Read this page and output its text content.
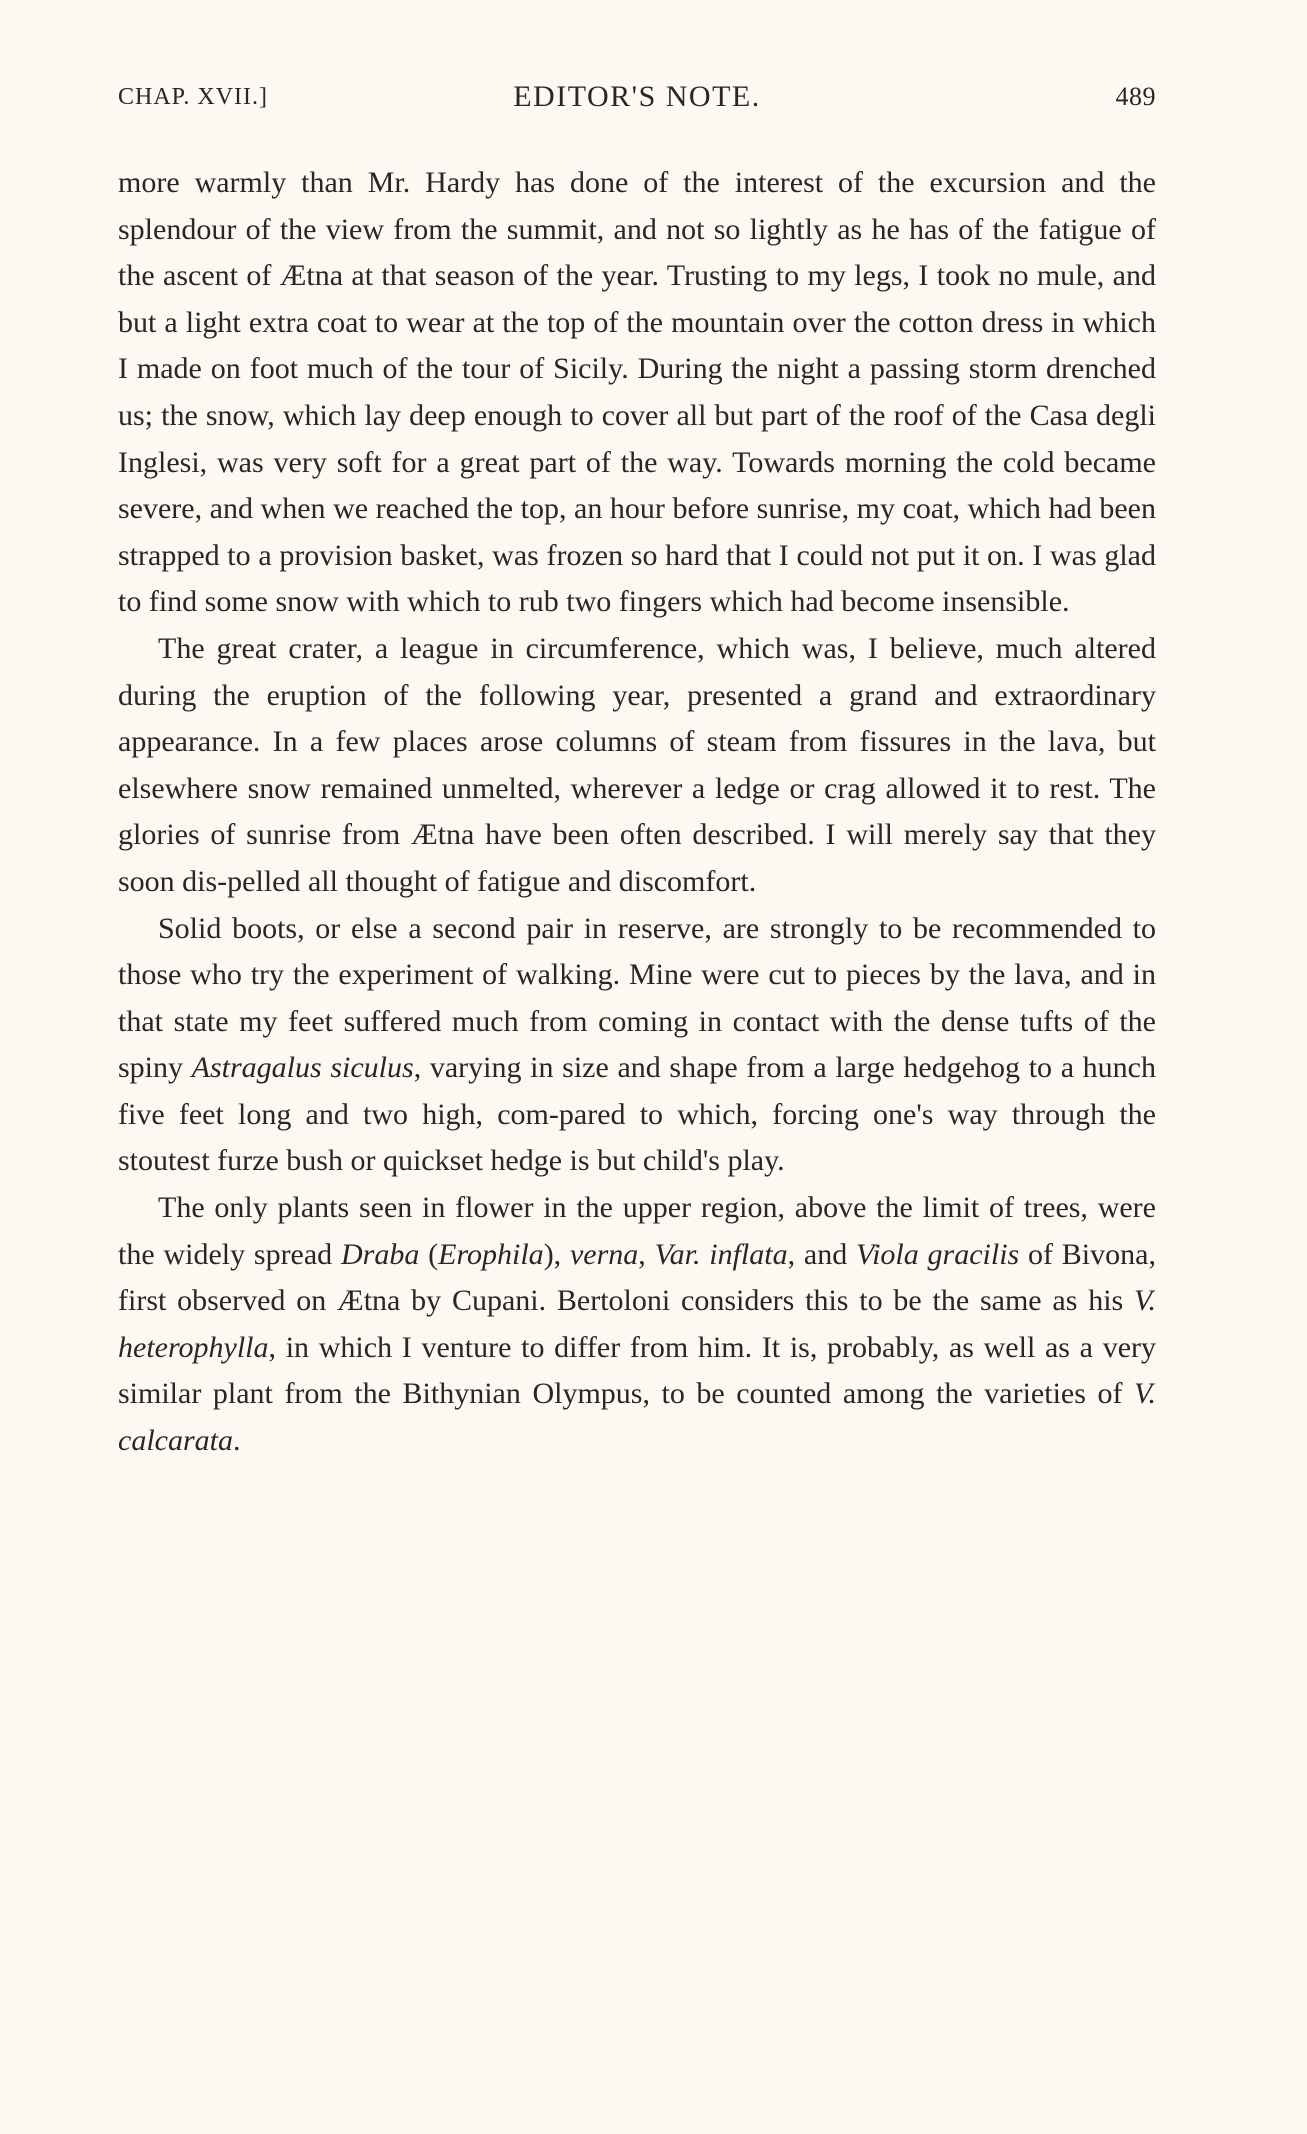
CHAP. XVII.]	EDITOR'S NOTE.	489

more warmly than Mr. Hardy has done of the interest of the excursion and the splendour of the view from the summit, and not so lightly as he has of the fatigue of the ascent of Ætna at that season of the year. Trusting to my legs, I took no mule, and but a light extra coat to wear at the top of the mountain over the cotton dress in which I made on foot much of the tour of Sicily. During the night a passing storm drenched us; the snow, which lay deep enough to cover all but part of the roof of the Casa degli Inglesi, was very soft for a great part of the way. Towards morning the cold became severe, and when we reached the top, an hour before sunrise, my coat, which had been strapped to a provision basket, was frozen so hard that I could not put it on. I was glad to find some snow with which to rub two fingers which had become insensible.

The great crater, a league in circumference, which was, I believe, much altered during the eruption of the following year, presented a grand and extraordinary appearance. In a few places arose columns of steam from fissures in the lava, but elsewhere snow remained unmelted, wherever a ledge or crag allowed it to rest. The glories of sunrise from Ætna have been often described. I will merely say that they soon dis-pelled all thought of fatigue and discomfort.

Solid boots, or else a second pair in reserve, are strongly to be recommended to those who try the experiment of walking. Mine were cut to pieces by the lava, and in that state my feet suffered much from coming in contact with the dense tufts of the spiny Astragalus siculus, varying in size and shape from a large hedgehog to a hunch five feet long and two high, com-pared to which, forcing one's way through the stoutest furze bush or quickset hedge is but child's play.

The only plants seen in flower in the upper region, above the limit of trees, were the widely spread Draba (Erophila), verna, Var. inflata, and Viola gracilis of Bivona, first observed on Ætna by Cupani. Bertoloni considers this to be the same as his V. heterophylla, in which I venture to differ from him. It is, probably, as well as a very similar plant from the Bithynian Olympus, to be counted among the varieties of V. calcarata.
